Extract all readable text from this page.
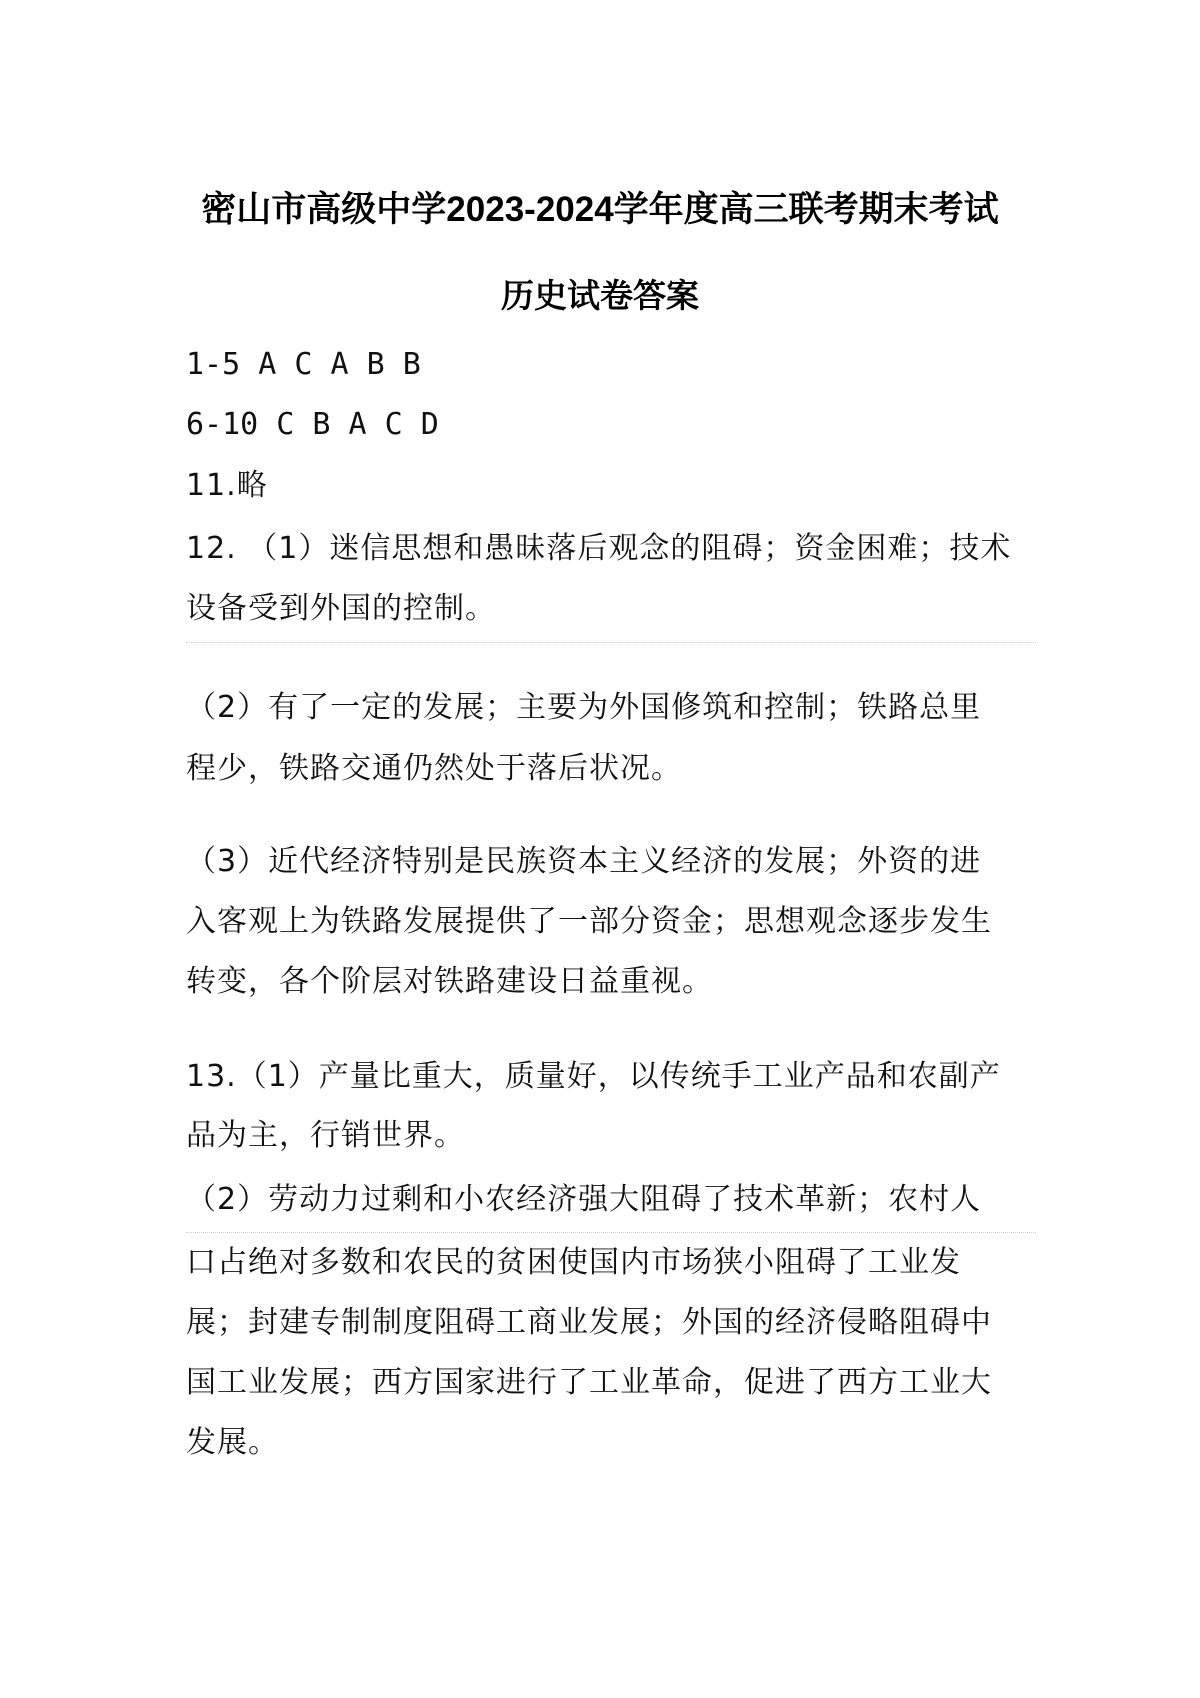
密山市高级中学2023-2024学年度高三联考期末考试
历史试卷答案
1-5 A C A B B
6-10 C B A C D
11.略
12. （1）迷信思想和愚昧落后观念的阻碍；资金困难；技术
设备受到外国的控制。
（2）有了一定的发展；主要为外国修筑和控制；铁路总里
程少，铁路交通仍然处于落后状况。
（3）近代经济特别是民族资本主义经济的发展；外资的进
入客观上为铁路发展提供了一部分资金；思想观念逐步发生
转变，各个阶层对铁路建设日益重视。
13.（1）产量比重大，质量好，以传统手工业产品和农副产
品为主，行销世界。
（2）劳动力过剩和小农经济强大阻碍了技术革新；农村人
口占绝对多数和农民的贫困使国内市场狭小阻碍了工业发
展；封建专制制度阻碍工商业发展；外国的经济侵略阻碍中
国工业发展；西方国家进行了工业革命，促进了西方工业大
发展。
